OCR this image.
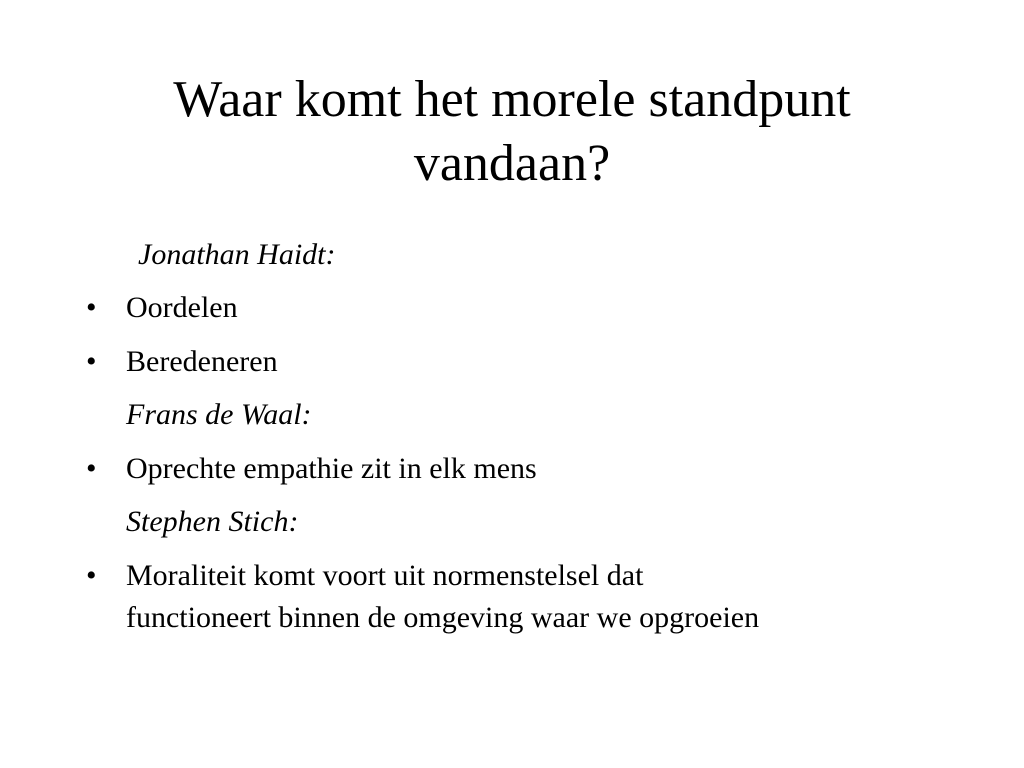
Waar komt het morele standpunt
vandaan?
Jonathan Haidt:
• Oordelen
• Beredeneren
Frans de Waal:
• Oprechte empathie zit in elk mens
Stephen Stich:
• Moraliteit komt voort uit normenstelsel dat
functioneert binnen de omgeving waar we opgroeien
